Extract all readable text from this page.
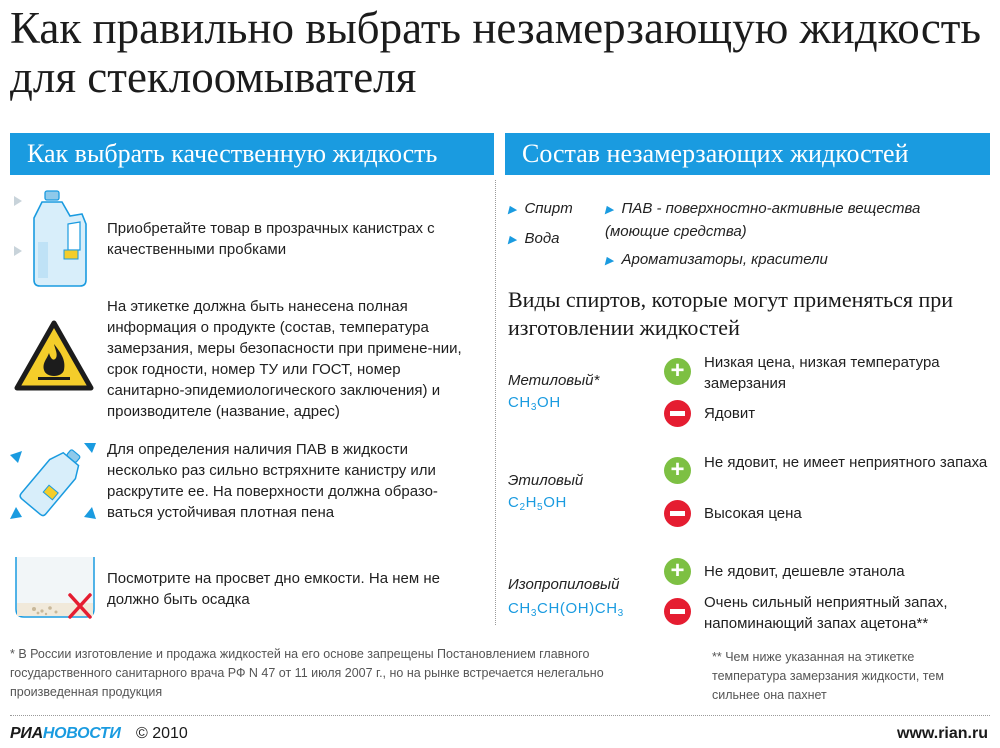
Как правильно выбрать незамерзающую жидкость для стеклоомывателя
Как выбрать качественную жидкость	Состав незамерзающих жидкостей
Приобретайте товар в прозрачных канистрах с качественными пробками
На этикетке должна быть нанесена полная информация о продукте (состав, температура замерзания, меры безопасности при примене-нии, срок годности, номер ТУ или ГОСТ, номер санитарно-эпидемиологического заключения) и производителе (название, адрес)
Для определения наличия ПАВ в жидкости несколько раз сильно встряхните канистру или раскрутите ее. На поверхности должна образо-ваться устойчивая плотная пена
Посмотрите на просвет дно емкости. На нем не должно быть осадка
▶ Спирт
▶ Вода
▶ ПАВ - поверхностно-активные вещества (моющие средства)
▶ Ароматизаторы, красители
Виды спиртов, которые могут применяться при изготовлении жидкостей
Метиловый*
$CH_3OH$
+	Низкая цена, низкая температура замерзания
Ядовит
Этиловый
$C_2H_5OH$
+	Не ядовит, не имеет неприятного запаха
Высокая цена
Изопропиловый
$CH_3CH(OH)CH_3$
+	Не ядовит, дешевле этанола
Очень сильный неприятный запах, напоминающий запах ацетона**
* В России изготовление и продажа жидкостей на его основе запрещены Постановлением главного государственного санитарного врача РФ N 47 от 11 июля 2007 г., но на рынке встречается нелегально произведенная продукция
** Чем ниже указанная на этикетке температура замерзания жидкости, тем сильнее она пахнет
РИАНОВОСТИ © 2010	www.rian.ru
